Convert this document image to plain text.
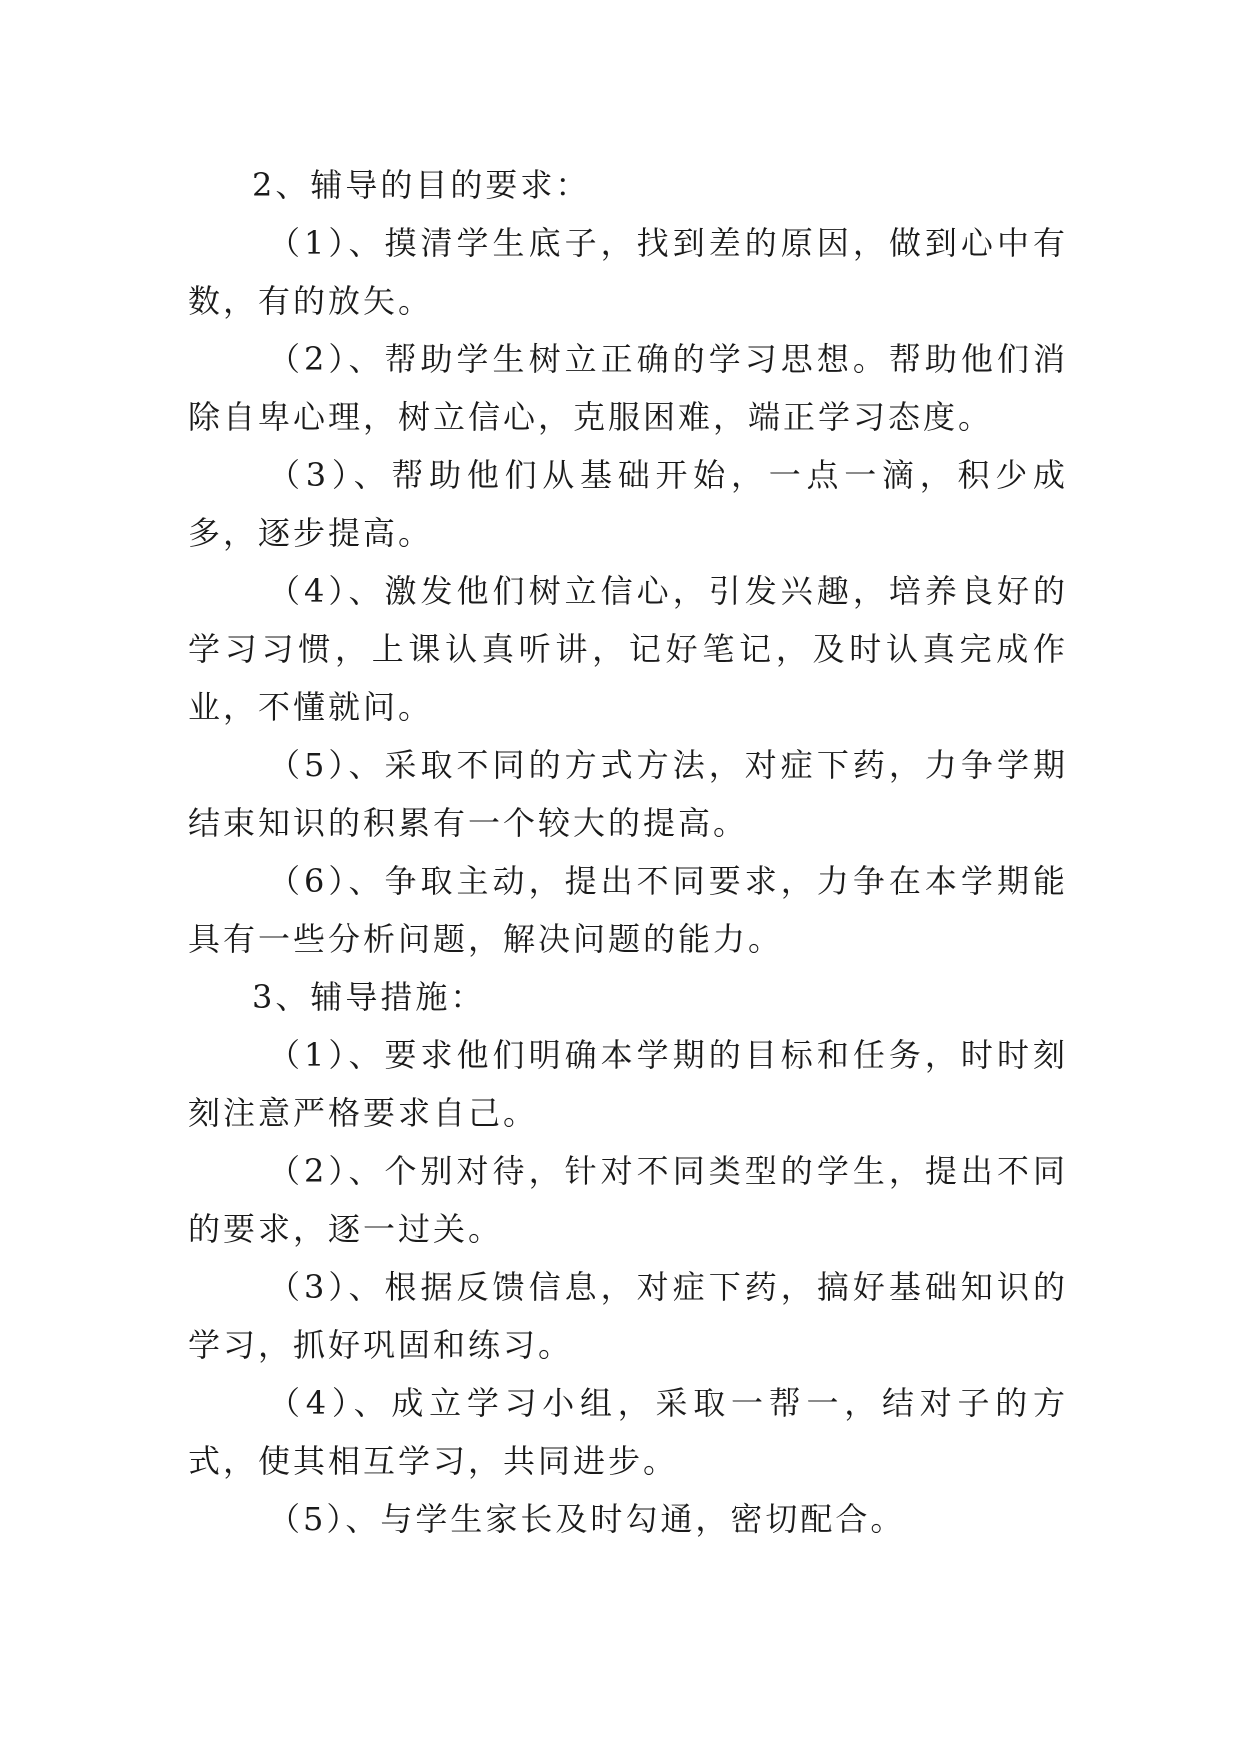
2、辅导的目的要求：

（1）、摸清学生底子，找到差的原因，做到心中有数，有的放矢。

（2）、帮助学生树立正确的学习思想。帮助他们消除自卑心理，树立信心，克服困难，端正学习态度。

（3）、帮助他们从基础开始，一点一滴，积少成多，逐步提高。

（4）、激发他们树立信心，引发兴趣，培养良好的学习习惯，上课认真听讲，记好笔记，及时认真完成作业，不懂就问。

（5）、采取不同的方式方法，对症下药，力争学期结束知识的积累有一个较大的提高。

（6）、争取主动，提出不同要求，力争在本学期能具有一些分析问题，解决问题的能力。

3、辅导措施：

（1）、要求他们明确本学期的目标和任务，时时刻刻注意严格要求自己。

（2）、个别对待，针对不同类型的学生，提出不同的要求，逐一过关。

（3）、根据反馈信息，对症下药，搞好基础知识的学习，抓好巩固和练习。

（4）、成立学习小组，采取一帮一，结对子的方式，使其相互学习，共同进步。

（5）、与学生家长及时勾通，密切配合。
